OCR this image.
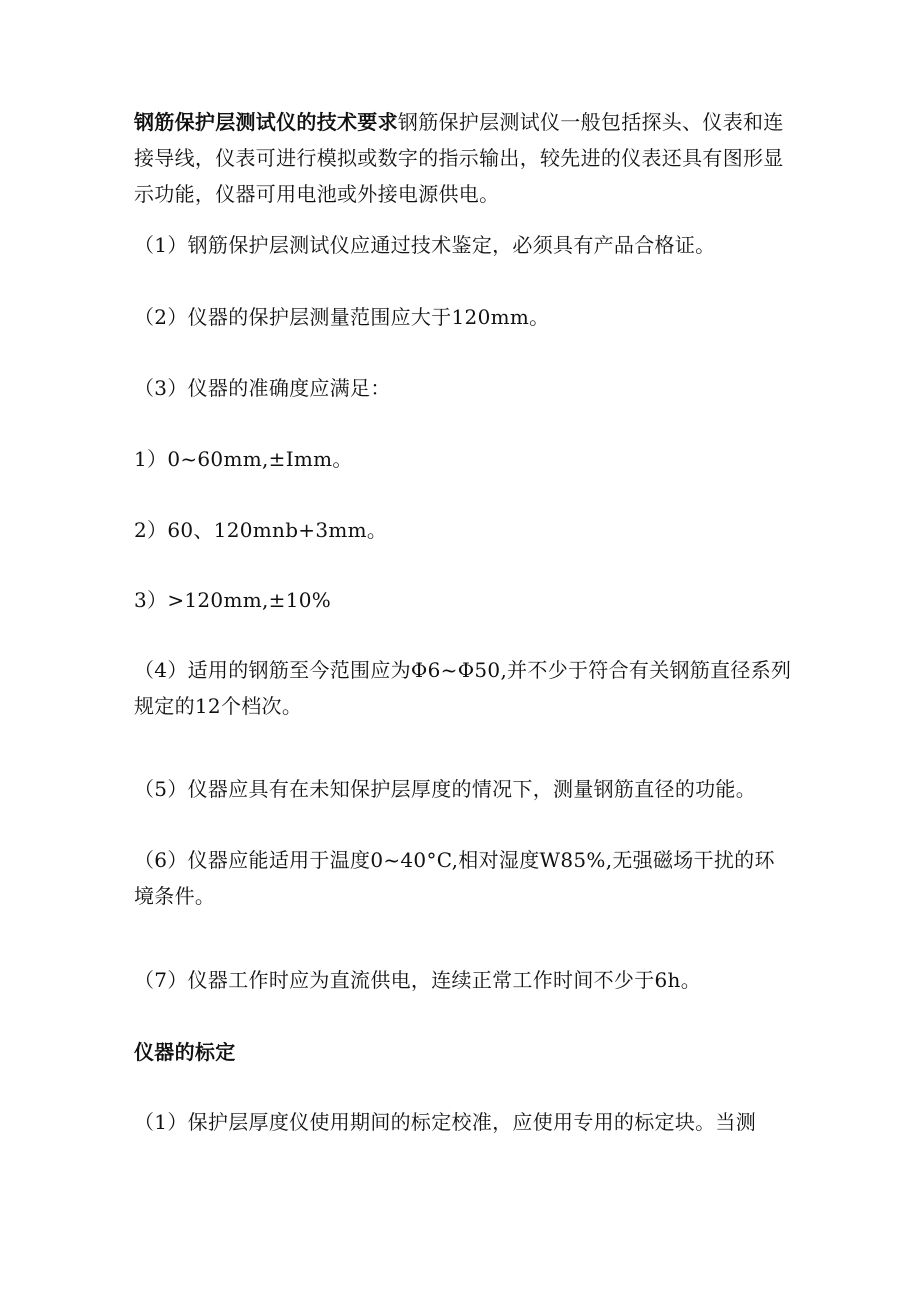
钢筋保护层测试仪的技术要求钢筋保护层测试仪一般包括探头、仪表和连接导线，仪表可进行模拟或数字的指示输出，较先进的仪表还具有图形显示功能，仪器可用电池或外接电源供电。

（1）钢筋保护层测试仪应通过技术鉴定，必须具有产品合格证。

（2）仪器的保护层测量范围应大于120mm。

（3）仪器的准确度应满足：

1）0~60mm,±Imm。

2）60、120mnb+3mm。

3）>120mm,±10%

（4）适用的钢筋至今范围应为Φ6~Φ50,并不少于符合有关钢筋直径系列规定的12个档次。

（5）仪器应具有在未知保护层厚度的情况下，测量钢筋直径的功能。

（6）仪器应能适用于温度0~40°C,相对湿度W85%,无强磁场干扰的环境条件。

（7）仪器工作时应为直流供电，连续正常工作时间不少于6h。

仪器的标定

（1）保护层厚度仪使用期间的标定校准，应使用专用的标定块。当测
